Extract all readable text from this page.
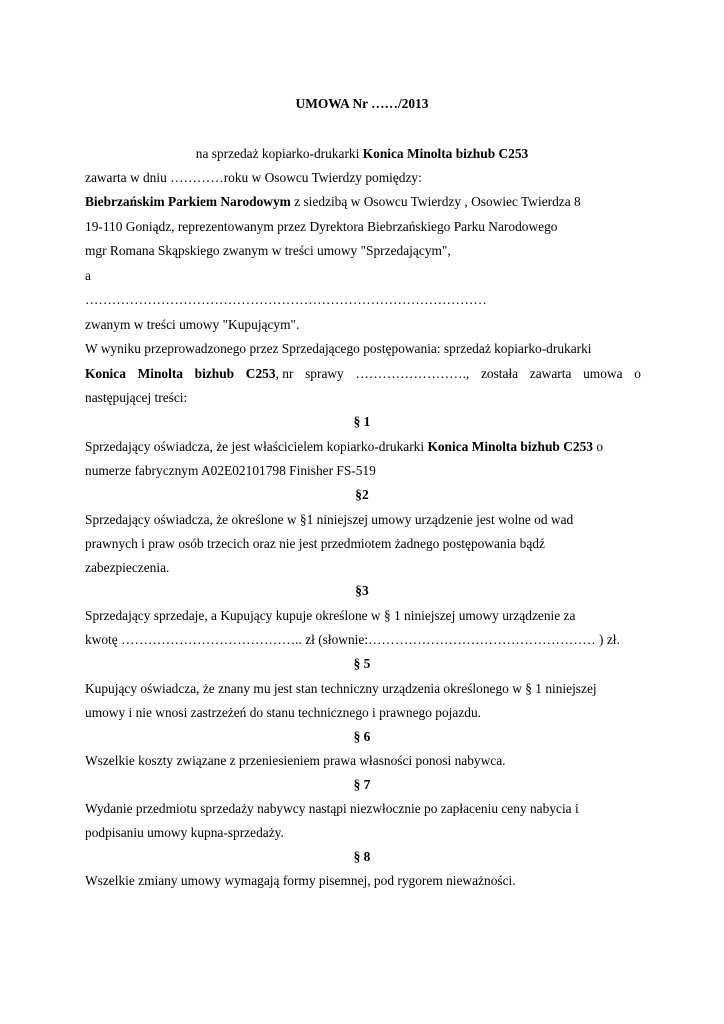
UMOWA Nr ……/2013
na sprzedaż kopiarko-drukarki Konica Minolta bizhub C253
zawarta w dniu …………roku w Osowcu Twierdzy pomiędzy:
Biebrzańskim Parkiem Narodowym z siedzibą w Osowcu Twierdzy , Osowiec Twierdza 8
19-110 Goniądz, reprezentowanym przez Dyrektora Biebrzańskiego Parku Narodowego
mgr Romana Skąpskiego zwanym w treści umowy "Sprzedającym",
a
………………………………………………………………………………
zwanym w treści umowy "Kupującym".
W wyniku przeprowadzonego przez Sprzedającego postępowania: sprzedaż kopiarko-drukarki
Konica Minolta bizhub C253, nr sprawy ……………………., została zawarta umowa o
następującej treści:
§ 1
Sprzedający oświadcza, że jest właścicielem kopiarko-drukarki Konica Minolta bizhub C253 o
numerze fabrycznym A02E02101798 Finisher FS-519
§2
Sprzedający oświadcza, że określone w §1 niniejszej umowy urządzenie jest wolne od wad
prawnych i praw osób trzecich oraz nie jest przedmiotem żadnego postępowania bądź
zabezpieczenia.
§3
Sprzedający sprzedaje, a Kupujący kupuje określone w § 1 niniejszej umowy urządzenie za
kwotę ………………………………….. zł (słownie:…………………………………………… ) zł.
§ 5
Kupujący oświadcza, że znany mu jest stan techniczny urządzenia określonego w § 1 niniejszej
umowy i nie wnosi zastrzeżeń do stanu technicznego i prawnego pojazdu.
§ 6
Wszelkie koszty związane z przeniesieniem prawa własności ponosi nabywca.
§ 7
Wydanie przedmiotu sprzedaży nabywcy nastąpi niezwłocznie po zapłaceniu ceny nabycia i
podpisaniu umowy kupna-sprzedaży.
§ 8
Wszelkie zmiany umowy wymagają formy pisemnej, pod rygorem nieważności.
